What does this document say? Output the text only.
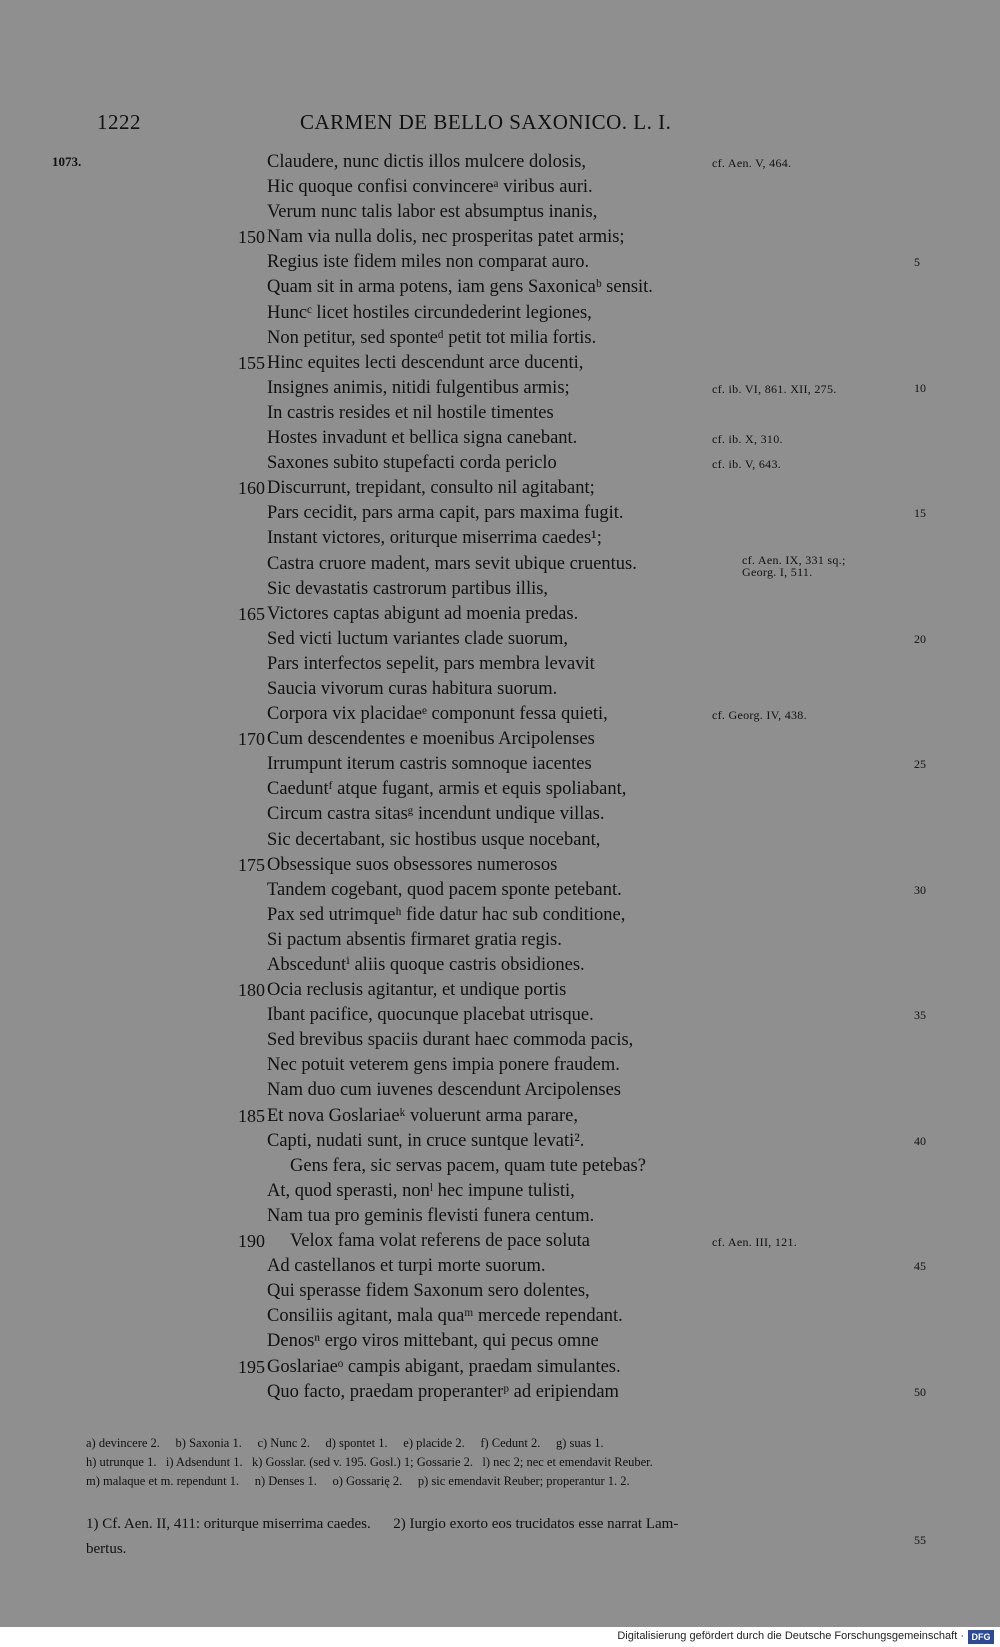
1222	CARMEN DE BELLO SAXONICO. L. I.
1073.	Claudere, nunc dictis illos mulcere dolosis,	cf. Aen. V, 464.
Hic quoque confisi convincereᵃ viribus auri.
Verum nunc talis labor est absumptus inanis,
150 Nam via nulla dolis, nec prosperitas patet armis;
Regius iste fidem miles non comparat auro.	5
Quam sit in arma potens, iam gens Saxonicaᵇ sensit.
Huncᶜ licet hostiles circundederint legiones,
Non petitur, sed sponteᵈ petit tot milia fortis.
155 Hinc equites lecti descendunt arce ducenti,
Insignes animis, nitidi fulgentibus armis;	cf. ib. VI, 861. XII, 275.	10
In castris resides et nil hostile timentes
Hostes invadunt et bellica signa canebant.	cf. ib. X, 310.
Saxones subito stupefacti corda periclo	cf. ib. V, 643.
160 Discurrunt, trepidant, consulto nil agitabant;
Pars cecidit, pars arma capit, pars maxima fugit.	15
Instant victores, oriturque miserrima caedes¹;
Castra cruore madent, mars sevit ubique cruentus.	cf. Aen. IX, 331 sq.;
Georg. I, 511.
Sic devastatis castrorum partibus illis,
165 Victores captas abigunt ad moenia predas.
Sed victi luctum variantes clade suorum,	20
Pars interfectos sepelit, pars membra levavit
Saucia vivorum curas habitura suorum.
Corpora vix placidaeᵉ componunt fessa quieti,	cf. Georg. IV, 438.
170 Cum descendentes e moenibus Arcipolenses
Irrumpunt iterum castris somnoque iacentes	25
Caeduntᶠ atque fugant, armis et equis spoliabant,
Circum castra sitasᵍ incendunt undique villas.
Sic decertabant, sic hostibus usque nocebant,
175 Obsessique suos obsessores numerosos
Tandem cogebant, quod pacem sponte petebant.	30
Pax sed utrimqueʰ fide datur hac sub conditione,
Si pactum absentis firmaret gratia regis.
Absceduntⁱ aliis quoque castris obsidiones.
180 Ocia reclusis agitantur, et undique portis
Ibant pacifice, quocunque placebat utrisque.	35
Sed brevibus spaciis durant haec commoda pacis,
Nec potuit veterem gens impia ponere fraudem.
Nam duo cum iuvenes descendunt Arcipolenses
185 Et nova Goslariaeᵏ voluerunt arma parare,
Capti, nudati sunt, in cruce suntque levati².	40
Gens fera, sic servas pacem, quam tute petebas?
At, quod sperasti, nonˡ hec impune tulisti,
Nam tua pro geminis flevisti funera centum.
190 Velox fama volat referens de pace soluta	cf. Aen. III, 121.
Ad castellanos et turpi morte suorum.	45
Qui sperasse fidem Saxonum sero dolentes,
Consiliis agitant, mala quaᵐ mercede rependant.
Denosⁿ ergo viros mittebant, qui pecus omne
195 Goslariaeᵒ campis abigant, praedam simulantes.
Quo facto, praedam properanterᵖ ad eripiendam	50
a) devincere 2.     b) Saxonia 1.     c) Nunc 2.     d) spontet 1.     e) placide 2.     f) Cedunt 2.     g) suas 1.
h) utrunque 1.   i) Adsendunt 1.   k) Gosslar. (sed v. 195. Gosl.) 1; Gossarie 2.   l) nec 2; nec et emendavit Reuber.
m) malaque et m. rependunt 1.     n) Denses 1.     o) Gossarię 2.     p) sic emendavit Reuber; properantur 1. 2.
1) Cf. Aen. II, 411: oriturque miserrima caedes.      2) Iurgio exorto eos trucidatos esse narrat Lam-
bertus.
55
Digitalisierung gefördert durch die Deutsche Forschungsgemeinschaft · DFG
